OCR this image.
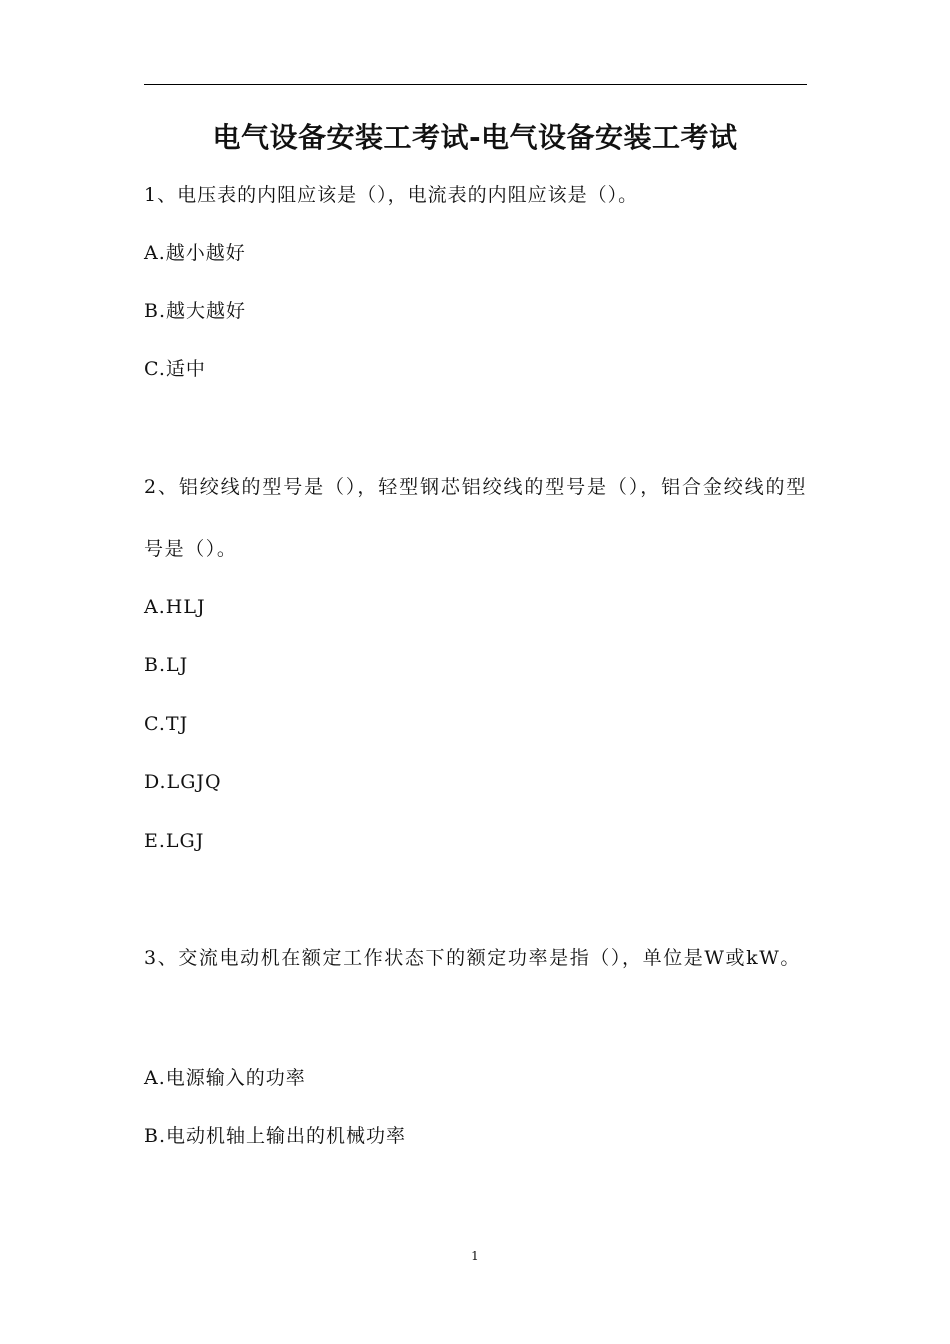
电气设备安装工考试-电气设备安装工考试
1、电压表的内阻应该是（），电流表的内阻应该是（）。
A.越小越好
B.越大越好
C.适中
2、铝绞线的型号是（），轻型钢芯铝绞线的型号是（），铝合金绞线的型号是（）。
A.HLJ
B.LJ
C.TJ
D.LGJQ
E.LGJ
3、交流电动机在额定工作状态下的额定功率是指（），单位是W或kW。
A.电源输入的功率
B.电动机轴上输出的机械功率
1
